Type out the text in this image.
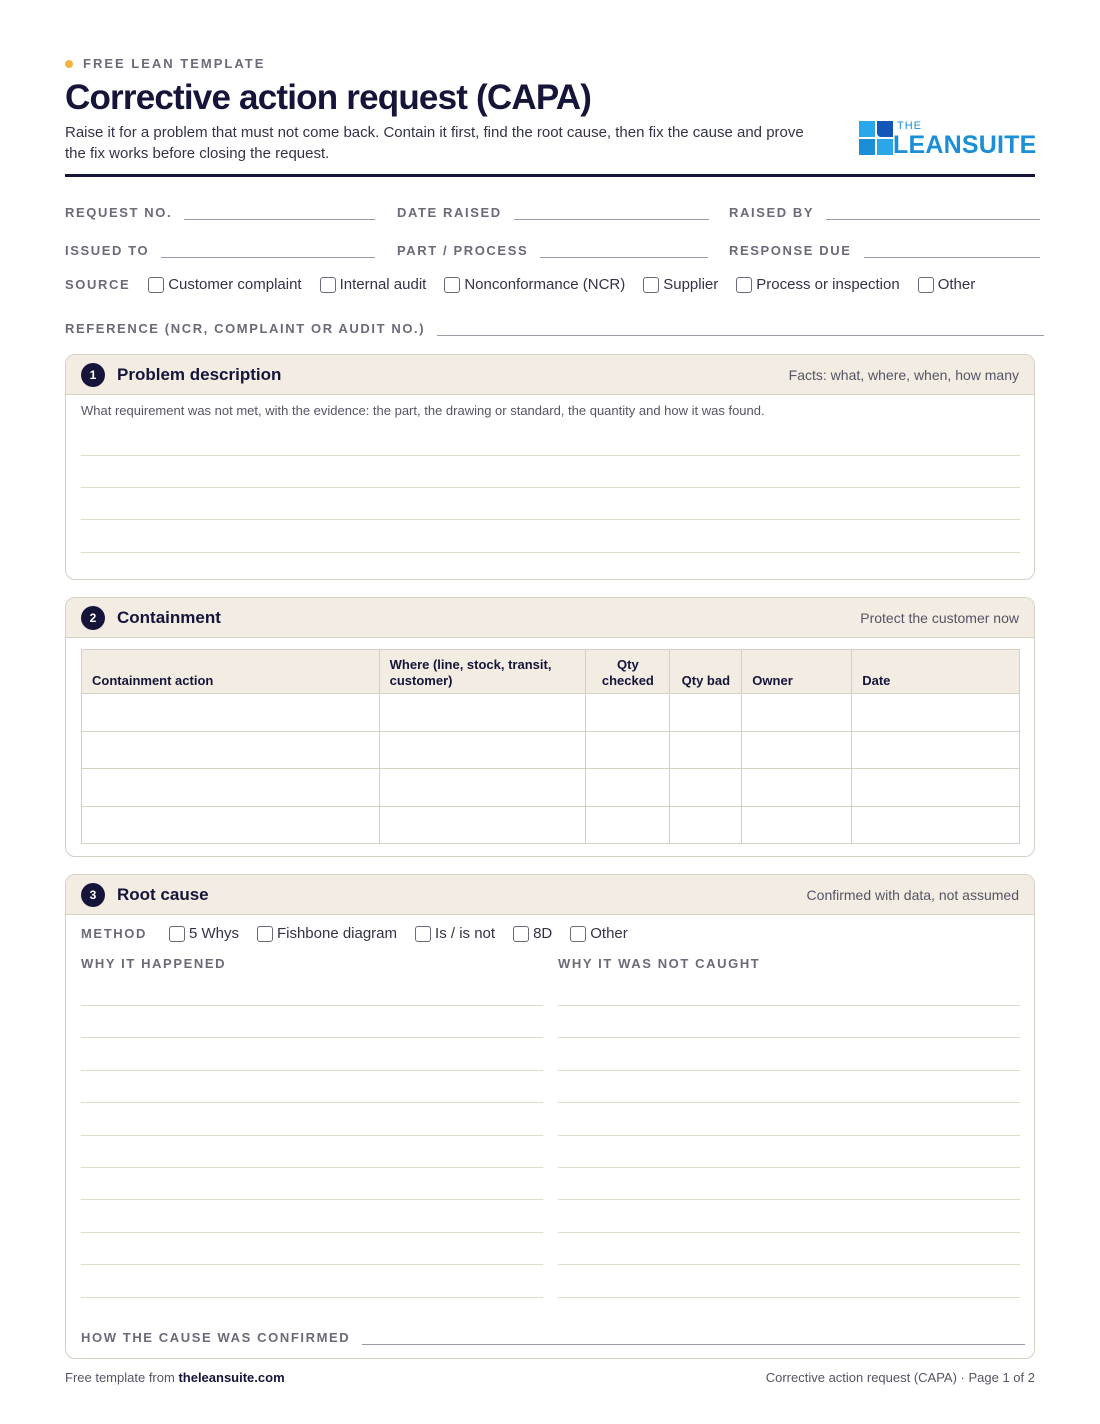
FREE LEAN TEMPLATE
Corrective action request (CAPA)
Raise it for a problem that must not come back. Contain it first, find the root cause, then fix the cause and prove the fix works before closing the request.
THE
LEANSUITE
REQUEST NO.	DATE RAISED	RAISED BY
ISSUED TO	PART / PROCESS	RESPONSE DUE
SOURCE	Customer complaint	Internal audit	Nonconformance (NCR)	Supplier	Process or inspection	Other
REFERENCE (NCR, COMPLAINT OR AUDIT NO.)
1	Problem description	Facts: what, where, when, how many
What requirement was not met, with the evidence: the part, the drawing or standard, the quantity and how it was found.
2	Containment	Protect the customer now
Containment action	Where (line, stock, transit, customer)	Qty checked	Qty bad	Owner	Date

3	Root cause	Confirmed with data, not assumed
METHOD	5 Whys	Fishbone diagram	Is / is not	8D	Other
WHY IT HAPPENED	WHY IT WAS NOT CAUGHT
HOW THE CAUSE WAS CONFIRMED
Free template from theleansuite.com	Corrective action request (CAPA) · Page 1 of 2
